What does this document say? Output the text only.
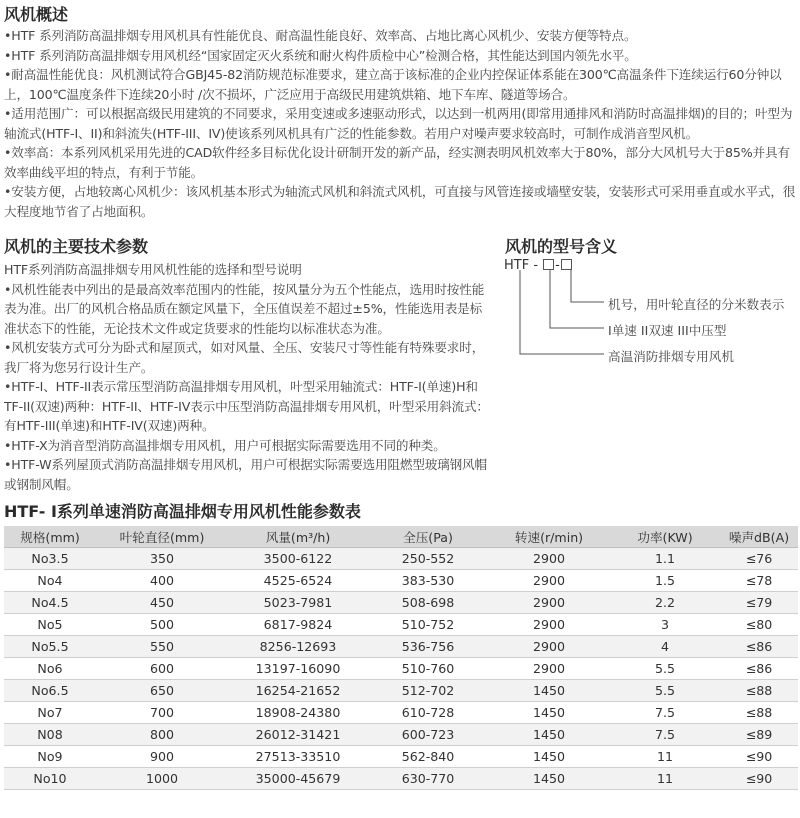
风机概述
•HTF 系列消防高温排烟专用风机具有性能优良、耐高温性能良好、效率高、占地比离心风机少、安装方便等特点。
•HTF 系列消防高温排烟专用风机经“国家固定灭火系统和耐火构件质检中心”检测合格，其性能达到国内领先水平。
•耐高温性能优良：风机测试符合GBJ45-82消防规范标准要求，建立高于该标准的企业内控保证体系能在300℃高温条件下连续运行60分钟以上，100℃温度条件下连续20小时 /次不损坏，广泛应用于高级民用建筑烘箱、地下车库、隧道等场合。
•适用范围广：可以根据高级民用建筑的不同要求，采用变速或多速驱动形式，以达到一机两用(即常用通排风和消防时高温排烟)的目的；叶型为轴流式(HTF-I、II)和斜流失(HTF-III、IV)使该系列风机具有广泛的性能参数。若用户对噪声要求较高时，可制作成消音型风机。
•效率高：本系列风机采用先进的CAD软件经多目标优化设计研制开发的新产品，经实测表明风机效率大于80%，部分大风机号大于85%并具有效率曲线平坦的特点，有利于节能。
•安装方便，占地较离心风机少：该风机基本形式为轴流式风机和斜流式风机，可直接与风管连接或墙壁安装，安装形式可采用垂直或水平式，很大程度地节省了占地面积。
风机的主要技术参数
HTF系列消防高温排烟专用风机性能的选择和型号说明
•风机性能表中列出的是最高效率范围内的性能，按风量分为五个性能点，选用时按性能表为准。出厂的风机合格品质在额定风量下，全压值误差不超过±5%，性能选用表是标准状态下的性能，无论技术文件或定货要求的性能均以标准状态为准。
•风机安装方式可分为卧式和屋顶式，如对风量、全压、安装尺寸等性能有特殊要求时，我厂将为您另行设计生产。
•HTF-I、HTF-II表示常压型消防高温排烟专用风机，叶型采用轴流式：HTF-I(单速)H和TF-II(双速)两种：HTF-II、HTF-IV表示中压型消防高温排烟专用风机，叶型采用斜流式：有HTF-III(单速)和HTF-IV(双速)两种。
•HTF-X为消音型消防高温排烟专用风机，用户可根据实际需要选用不同的种类。
•HTF-W系列屋顶式消防高温排烟专用风机，用户可根据实际需要选用阻燃型玻璃钢风帽或钢制风帽。
风机的型号含义
HTF - -
机号，用叶轮直径的分米数表示
I单速 II双速 III中压型
高温消防排烟专用风机
HTF- I系列单速消防高温排烟专用风机性能参数表
规格(mm)	叶轮直径(mm)	风量(m³/h)	全压(Pa)	转速(r/min)	功率(KW)	噪声dB(A)
No3.5	350	3500-6122	250-552	2900	1.1	≤76
No4	400	4525-6524	383-530	2900	1.5	≤78
No4.5	450	5023-7981	508-698	2900	2.2	≤79
No5	500	6817-9824	510-752	2900	3	≤80
No5.5	550	8256-12693	536-756	2900	4	≤86
No6	600	13197-16090	510-760	2900	5.5	≤86
No6.5	650	16254-21652	512-702	1450	5.5	≤88
No7	700	18908-24380	610-728	1450	7.5	≤88
N08	800	26012-31421	600-723	1450	7.5	≤89
No9	900	27513-33510	562-840	1450	11	≤90
No10	1000	35000-45679	630-770	1450	11	≤90
